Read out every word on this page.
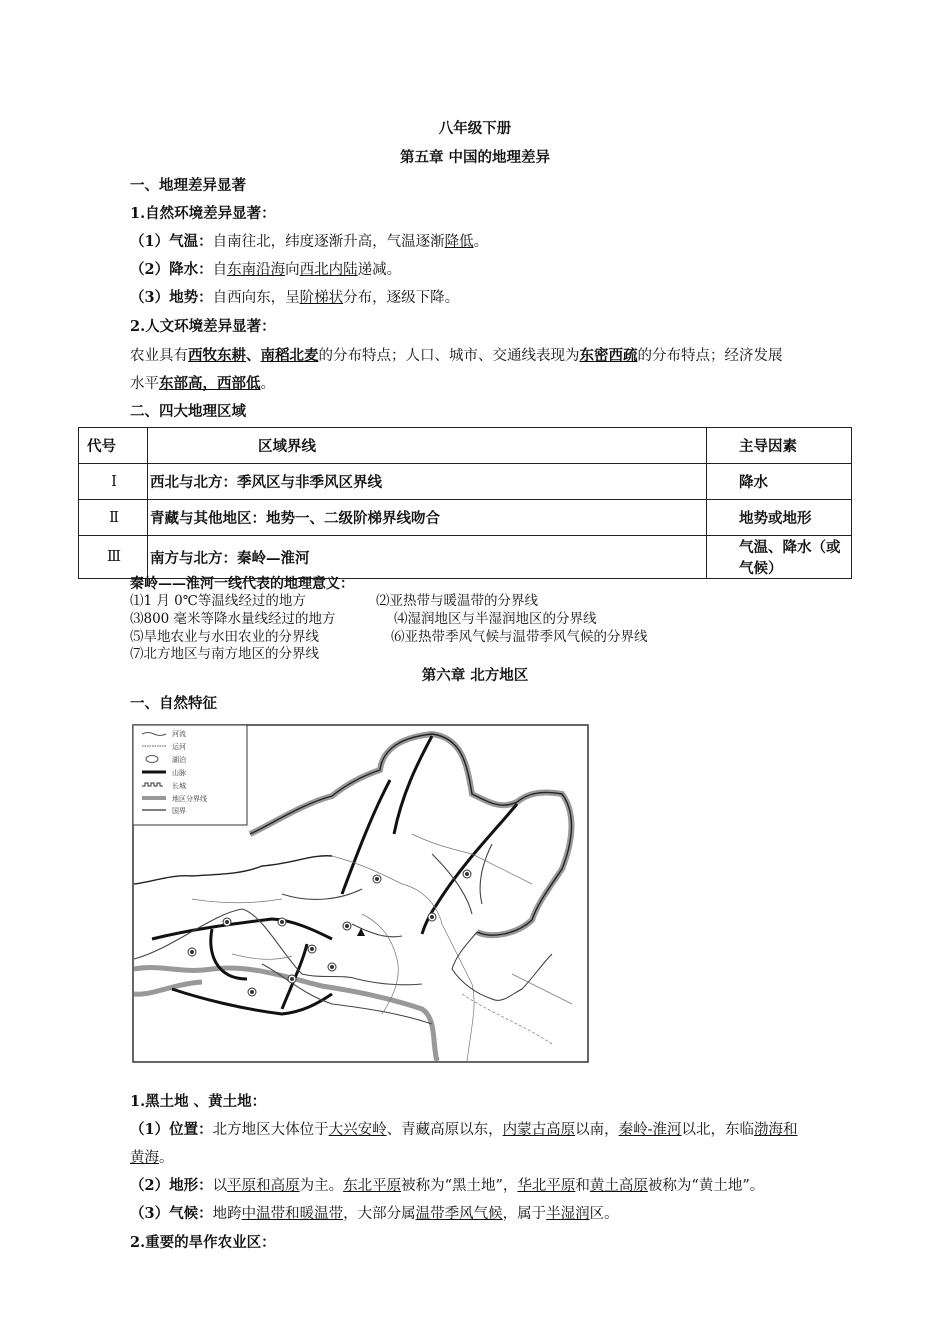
八年级下册
第五章 中国的地理差异
一、地理差异显著
1.自然环境差异显著：
（1）气温：自南往北，纬度逐渐升高，气温逐渐降低。
（2）降水：自东南沿海向西北内陆递减。
（3）地势：自西向东，呈阶梯状分布，逐级下降。
2.人文环境差异显著：
农业具有西牧东耕、南稻北麦的分布特点；人口、城市、交通线表现为东密西疏的分布特点；经济发展
水平东部高，西部低。
二、四大地理区域
代号	区域界线	主导因素
Ⅰ	西北与北方：季风区与非季风区界线	降水
Ⅱ	青藏与其他地区：地势一、二级阶梯界线吻合	地势或地形
Ⅲ	南方与北方：秦岭—淮河	气温、降水（或气候）
秦岭——淮河一线代表的地理意义：
⑴1 月 0℃等温线经过的地方	⑵亚热带与暖温带的分界线
⑶800 毫米等降水量线经过的地方	⑷湿润地区与半湿润地区的分界线
⑸旱地农业与水田农业的分界线	⑹亚热带季风气候与温带季风气候的分界线
⑺北方地区与南方地区的分界线
第六章 北方地区
一、自然特征
河流
运河
湖泊
山脉
长城
地区分界线
国界
1.黑土地 、黄土地：
（1）位置：北方地区大体位于大兴安岭、青藏高原以东，内蒙古高原以南，秦岭-淮河以北，东临渤海和
黄海。
（2）地形：以平原和高原为主。东北平原被称为“黑土地”，华北平原和黄土高原被称为“黄土地”。
（3）气候：地跨中温带和暖温带，大部分属温带季风气候，属于半湿润区。
2.重要的旱作农业区：
